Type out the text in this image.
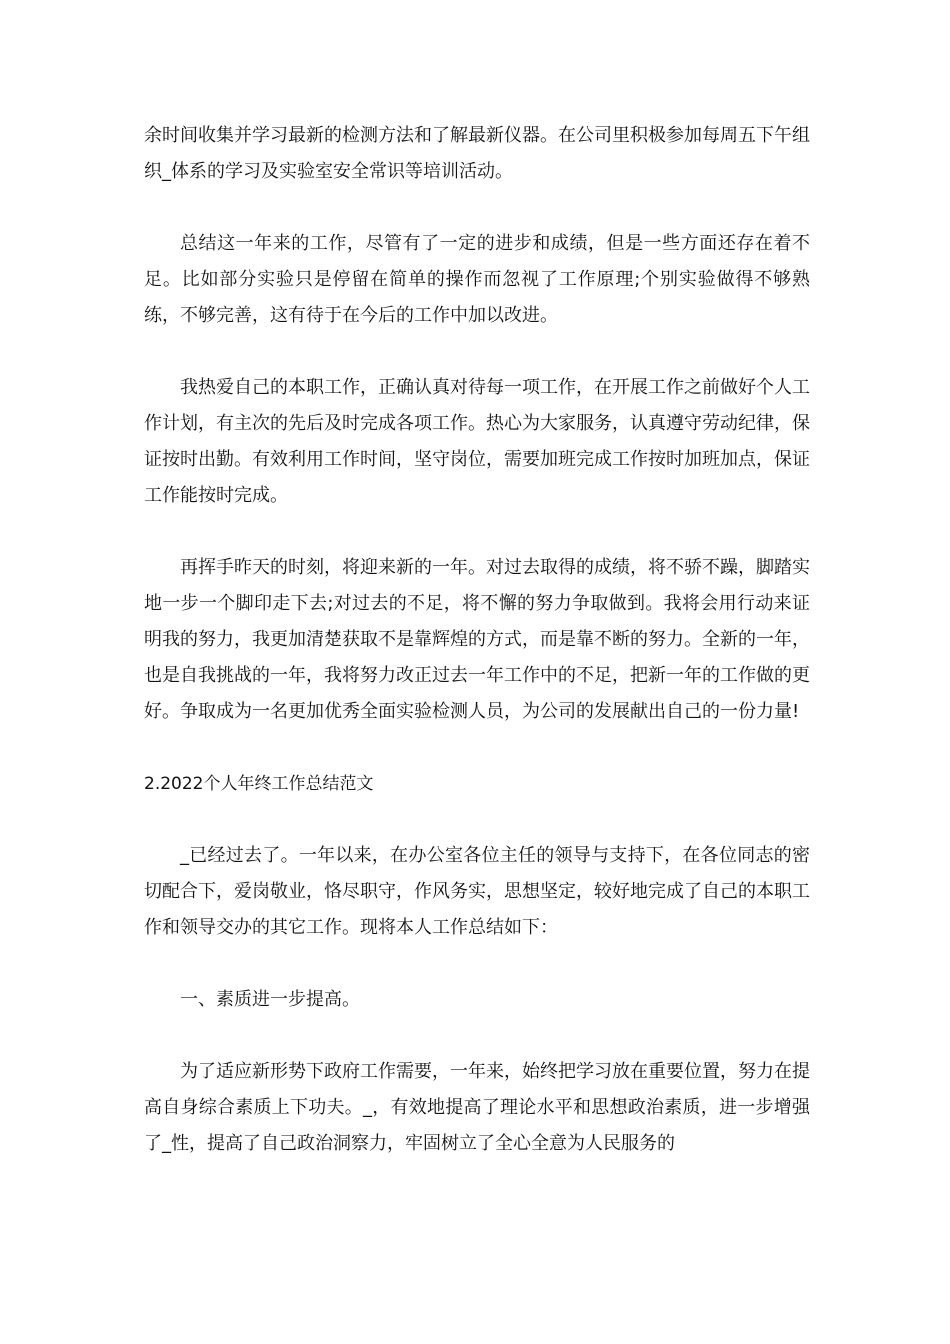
余时间收集并学习最新的检测方法和了解最新仪器。在公司里积极参加每周五下午组织_体系的学习及实验室安全常识等培训活动。

总结这一年来的工作，尽管有了一定的进步和成绩，但是一些方面还存在着不足。比如部分实验只是停留在简单的操作而忽视了工作原理;个别实验做得不够熟练，不够完善，这有待于在今后的工作中加以改进。

我热爱自己的本职工作，正确认真对待每一项工作，在开展工作之前做好个人工作计划，有主次的先后及时完成各项工作。热心为大家服务，认真遵守劳动纪律，保证按时出勤。有效利用工作时间，坚守岗位，需要加班完成工作按时加班加点，保证工作能按时完成。

再挥手昨天的时刻，将迎来新的一年。对过去取得的成绩，将不骄不躁，脚踏实地一步一个脚印走下去;对过去的不足，将不懈的努力争取做到。我将会用行动来证明我的努力，我更加清楚获取不是靠辉煌的方式，而是靠不断的努力。全新的一年，也是自我挑战的一年，我将努力改正过去一年工作中的不足，把新一年的工作做的更好。争取成为一名更加优秀全面实验检测人员，为公司的发展献出自己的一份力量!

2.2022个人年终工作总结范文

_已经过去了。一年以来，在办公室各位主任的领导与支持下，在各位同志的密切配合下，爱岗敬业，恪尽职守，作风务实，思想坚定，较好地完成了自己的本职工作和领导交办的其它工作。现将本人工作总结如下：

一、素质进一步提高。

为了适应新形势下政府工作需要，一年来，始终把学习放在重要位置，努力在提高自身综合素质上下功夫。_，有效地提高了理论水平和思想政治素质，进一步增强了_性，提高了自己政治洞察力，牢固树立了全心全意为人民服务的
